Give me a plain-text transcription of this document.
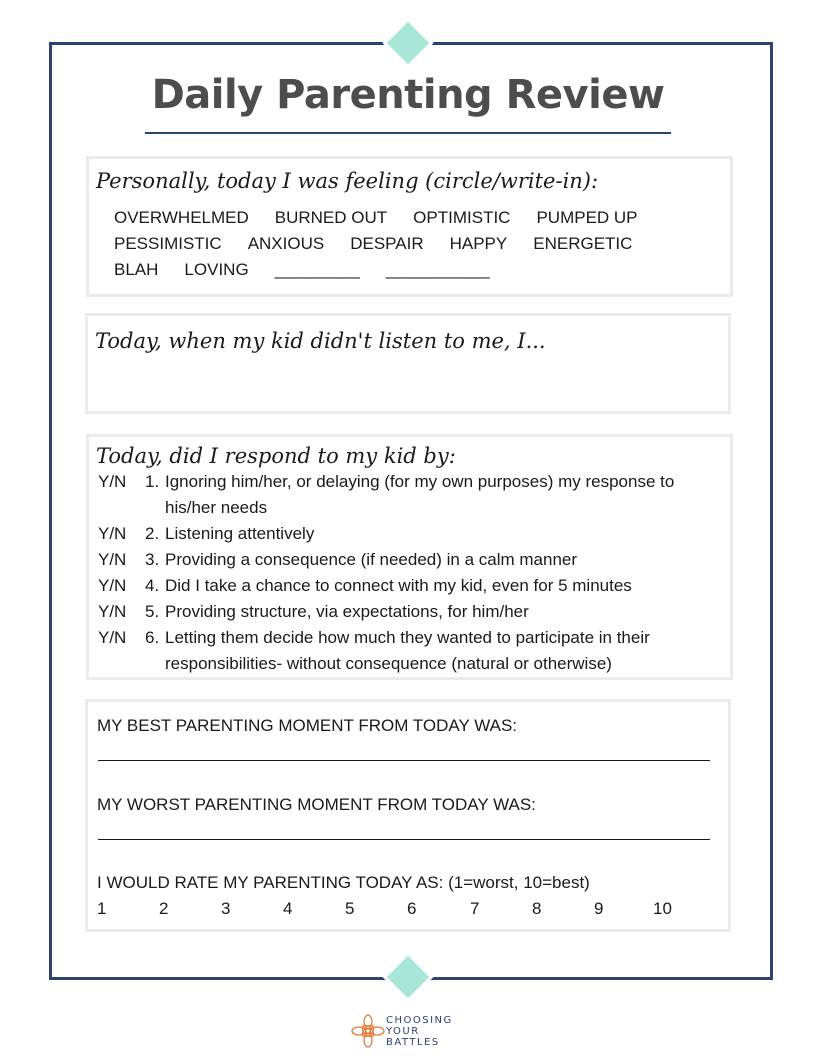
Daily Parenting Review
Personally, today I was feeling (circle/write-in):
OVERWHELMED BURNED OUT OPTIMISTIC PUMPED UP
PESSIMISTIC ANXIOUS DESPAIR HAPPY ENERGETIC
BLAH LOVING _________ ___________
Today, when my kid didn't listen to me, I...
Today, did I respond to my kid by:
Y/N 1. Ignoring him/her, or delaying (for my own purposes) my response to his/her needs
Y/N 2. Listening attentively
Y/N 3. Providing a consequence (if needed) in a calm manner
Y/N 4. Did I take a chance to connect with my kid, even for 5 minutes
Y/N 5. Providing structure, via expectations, for him/her
Y/N 6. Letting them decide how much they wanted to participate in their responsibilities- without consequence (natural or otherwise)
MY BEST PARENTING MOMENT FROM TODAY WAS:
MY WORST PARENTING MOMENT FROM TODAY WAS:
I WOULD RATE MY PARENTING TODAY AS: (1=worst, 10=best)
1	2	3	4	5	6	7	8	9	10
CHOOSING
YOUR
BATTLES
